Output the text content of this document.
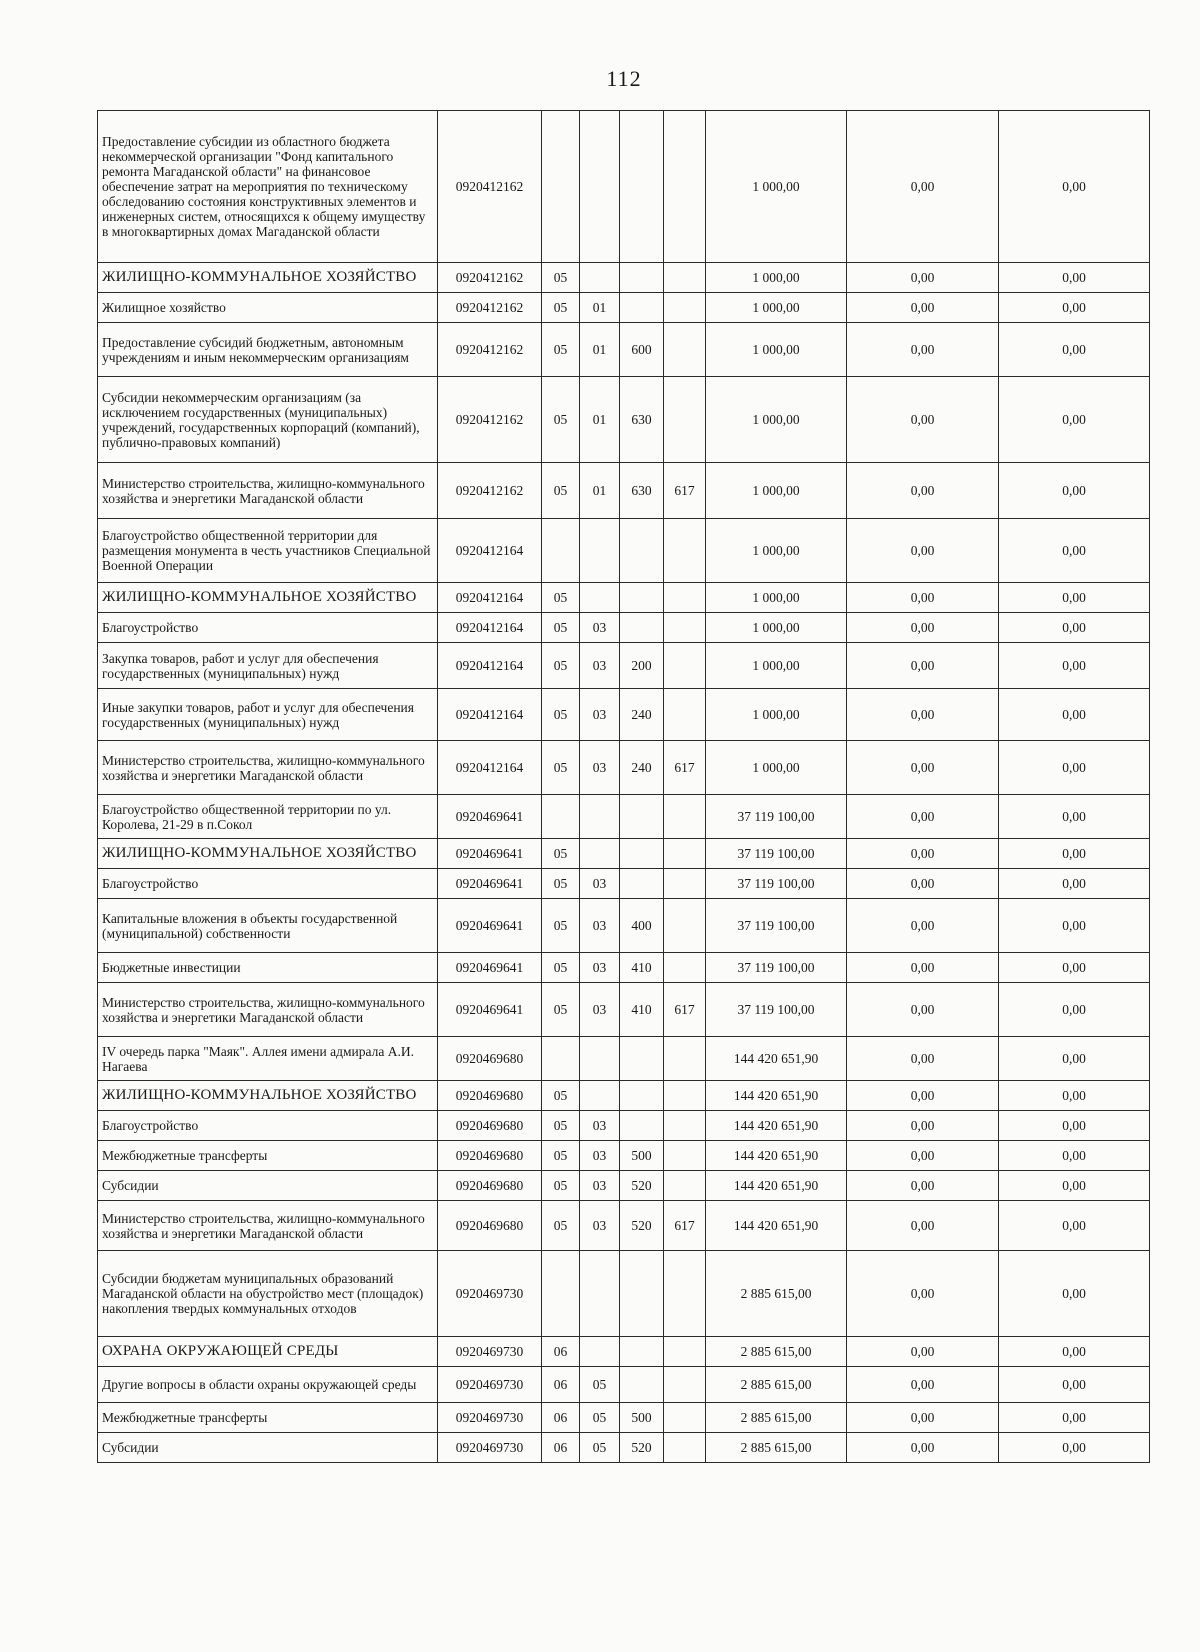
112
Предоставление субсидии из областного бюджета некоммерческой организации "Фонд капитального ремонта Магаданской области" на финансовое обеспечение затрат на мероприятия по техническому обследованию состояния конструктивных элементов и инженерных систем, относящихся к общему имуществу в многоквартирных домах Магаданской области	0920412162					1 000,00	0,00	0,00
ЖИЛИЩНО-КОММУНАЛЬНОЕ ХОЗЯЙСТВО	0920412162	05				1 000,00	0,00	0,00
Жилищное хозяйство	0920412162	05	01			1 000,00	0,00	0,00
Предоставление субсидий бюджетным, автономным учреждениям и иным некоммерческим организациям	0920412162	05	01	600		1 000,00	0,00	0,00
Субсидии некоммерческим организациям (за исключением государственных (муниципальных) учреждений, государственных корпораций (компаний), публично-правовых компаний)	0920412162	05	01	630		1 000,00	0,00	0,00
Министерство строительства, жилищно-коммунального хозяйства и энергетики Магаданской области	0920412162	05	01	630	617	1 000,00	0,00	0,00
Благоустройство общественной территории для размещения монумента в честь участников Специальной Военной Операции	0920412164					1 000,00	0,00	0,00
ЖИЛИЩНО-КОММУНАЛЬНОЕ ХОЗЯЙСТВО	0920412164	05				1 000,00	0,00	0,00
Благоустройство	0920412164	05	03			1 000,00	0,00	0,00
Закупка товаров, работ и услуг для обеспечения государственных (муниципальных) нужд	0920412164	05	03	200		1 000,00	0,00	0,00
Иные закупки товаров, работ и услуг для обеспечения государственных (муниципальных) нужд	0920412164	05	03	240		1 000,00	0,00	0,00
Министерство строительства, жилищно-коммунального хозяйства и энергетики Магаданской области	0920412164	05	03	240	617	1 000,00	0,00	0,00
Благоустройство общественной территории по ул. Королева, 21-29 в п.Сокол	0920469641					37 119 100,00	0,00	0,00
ЖИЛИЩНО-КОММУНАЛЬНОЕ ХОЗЯЙСТВО	0920469641	05				37 119 100,00	0,00	0,00
Благоустройство	0920469641	05	03			37 119 100,00	0,00	0,00
Капитальные вложения в объекты государственной (муниципальной) собственности	0920469641	05	03	400		37 119 100,00	0,00	0,00
Бюджетные инвестиции	0920469641	05	03	410		37 119 100,00	0,00	0,00
Министерство строительства, жилищно-коммунального хозяйства и энергетики Магаданской области	0920469641	05	03	410	617	37 119 100,00	0,00	0,00
IV очередь парка "Маяк". Аллея имени адмирала А.И. Нагаева	0920469680					144 420 651,90	0,00	0,00
ЖИЛИЩНО-КОММУНАЛЬНОЕ ХОЗЯЙСТВО	0920469680	05				144 420 651,90	0,00	0,00
Благоустройство	0920469680	05	03			144 420 651,90	0,00	0,00
Межбюджетные трансферты	0920469680	05	03	500		144 420 651,90	0,00	0,00
Субсидии	0920469680	05	03	520		144 420 651,90	0,00	0,00
Министерство строительства, жилищно-коммунального хозяйства и энергетики Магаданской области	0920469680	05	03	520	617	144 420 651,90	0,00	0,00
Субсидии бюджетам муниципальных образований Магаданской области на обустройство мест (площадок) накопления твердых коммунальных отходов	0920469730					2 885 615,00	0,00	0,00
ОХРАНА ОКРУЖАЮЩЕЙ СРЕДЫ	0920469730	06				2 885 615,00	0,00	0,00
Другие вопросы в области охраны окружающей среды	0920469730	06	05			2 885 615,00	0,00	0,00
Межбюджетные трансферты	0920469730	06	05	500		2 885 615,00	0,00	0,00
Субсидии	0920469730	06	05	520		2 885 615,00	0,00	0,00
